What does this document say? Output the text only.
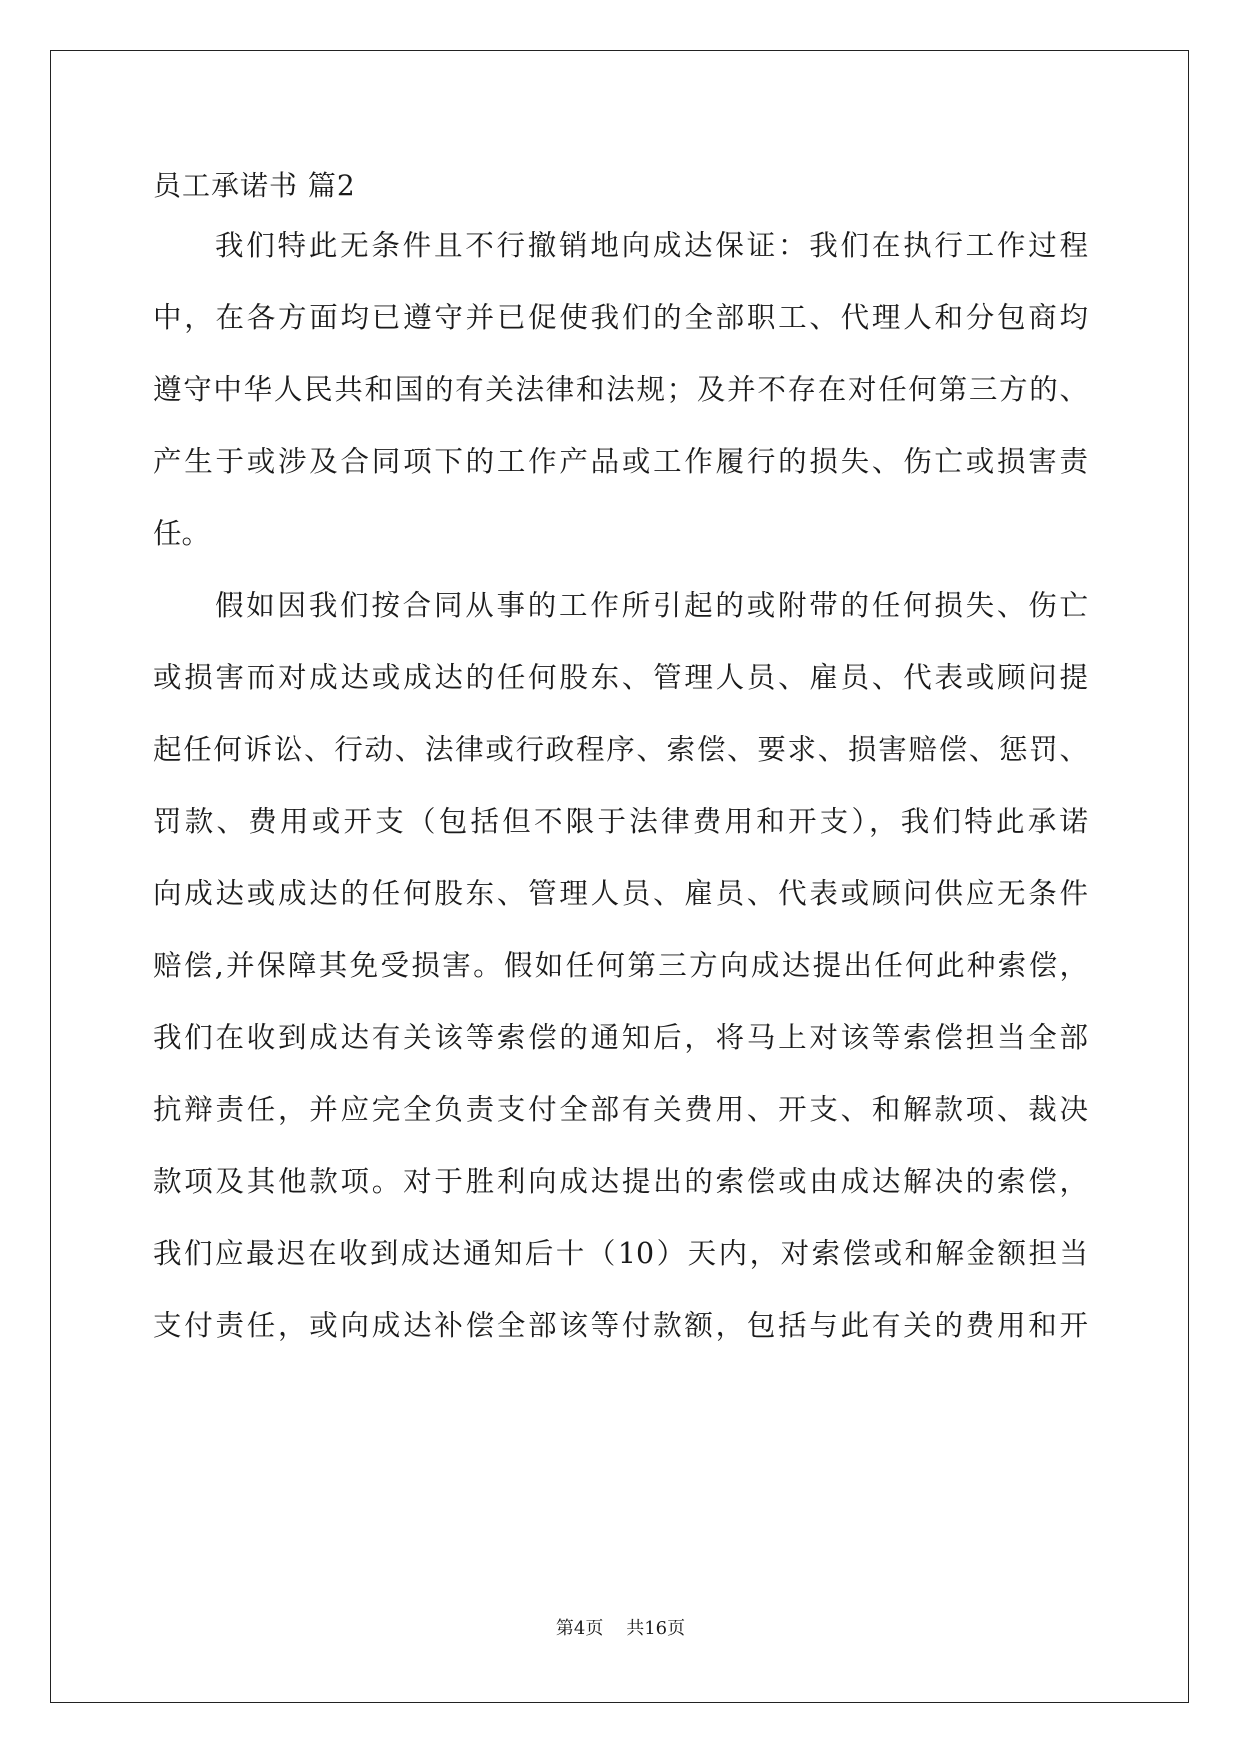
员工承诺书 篇2
我们特此无条件且不行撤销地向成达保证：我们在执行工作过程
中，在各方面均已遵守并已促使我们的全部职工、代理人和分包商均
遵守中华人民共和国的有关法律和法规；及并不存在对任何第三方的、
产生于或涉及合同项下的工作产品或工作履行的损失、伤亡或损害责
任。
假如因我们按合同从事的工作所引起的或附带的任何损失、伤亡
或损害而对成达或成达的任何股东、管理人员、雇员、代表或顾问提
起任何诉讼、行动、法律或行政程序、索偿、要求、损害赔偿、惩罚、
罚款、费用或开支（包括但不限于法律费用和开支），我们特此承诺
向成达或成达的任何股东、管理人员、雇员、代表或顾问供应无条件
赔偿,并保障其免受损害。假如任何第三方向成达提出任何此种索偿，
我们在收到成达有关该等索偿的通知后，将马上对该等索偿担当全部
抗辩责任，并应完全负责支付全部有关费用、开支、和解款项、裁决
款项及其他款项。对于胜利向成达提出的索偿或由成达解决的索偿，
我们应最迟在收到成达通知后十（10）天内，对索偿或和解金额担当
支付责任，或向成达补偿全部该等付款额，包括与此有关的费用和开
第4页    共16页
